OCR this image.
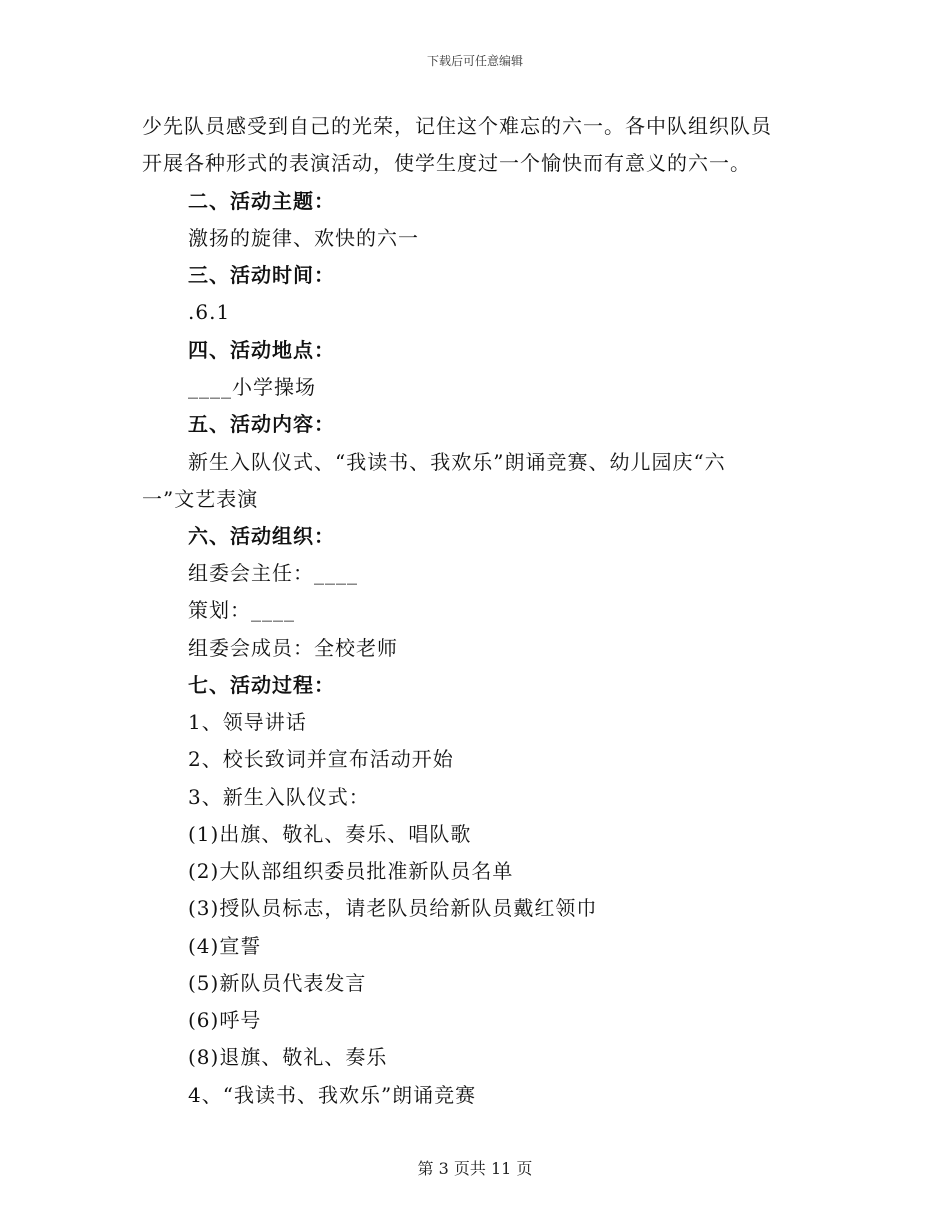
下载后可任意编辑
少先队员感受到自己的光荣，记住这个难忘的六一。各中队组织队员
开展各种形式的表演活动，使学生度过一个愉快而有意义的六一。
二、活动主题：
激扬的旋律、欢快的六一
三、活动时间：
.6.1
四、活动地点：
____小学操场
五、活动内容：
新生入队仪式、“我读书、我欢乐”朗诵竞赛、幼儿园庆“六
一”文艺表演
六、活动组织：
组委会主任：____
策划：____
组委会成员：全校老师
七、活动过程：
1、领导讲话
2、校长致词并宣布活动开始
3、新生入队仪式：
(1)出旗、敬礼、奏乐、唱队歌
(2)大队部组织委员批准新队员名单
(3)授队员标志，请老队员给新队员戴红领巾
(4)宣誓
(5)新队员代表发言
(6)呼号
(8)退旗、敬礼、奏乐
4、“我读书、我欢乐”朗诵竞赛
第 3 页共 11 页
